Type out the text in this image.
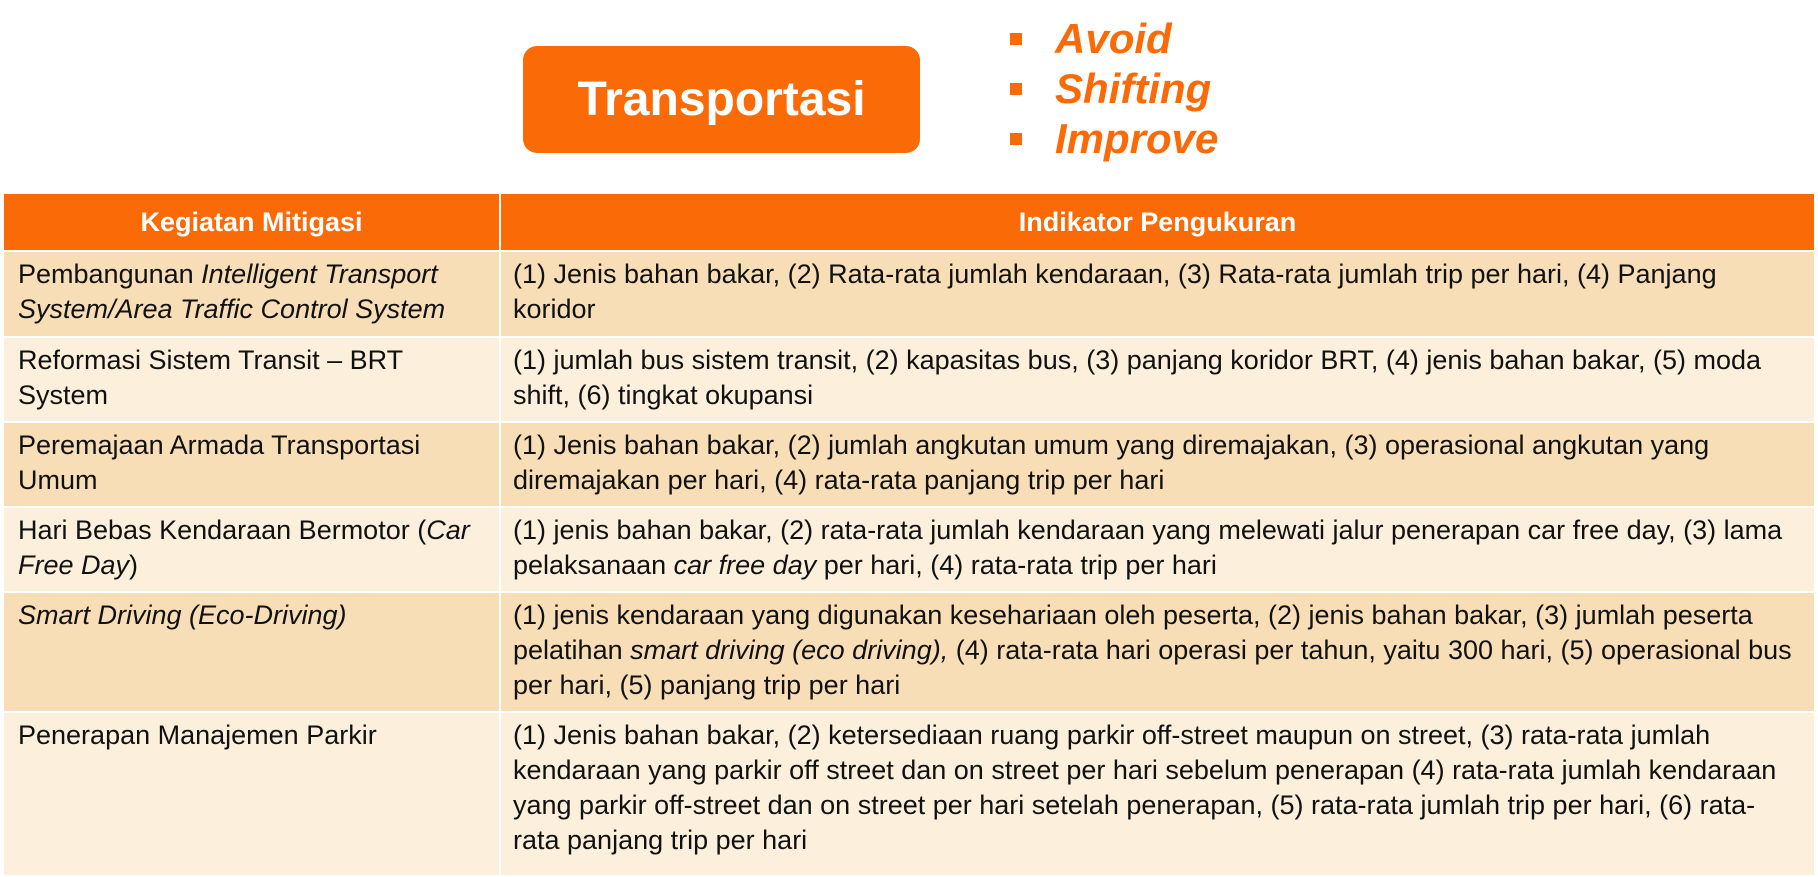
Transportasi
Avoid
Shifting
Improve
Kegiatan Mitigasi	Indikator Pengukuran
Pembangunan Intelligent Transport System/Area Traffic Control System	(1) Jenis bahan bakar, (2) Rata-rata jumlah kendaraan, (3) Rata-rata jumlah trip per hari, (4) Panjang koridor
Reformasi Sistem Transit – BRT System	(1) jumlah bus sistem transit, (2) kapasitas bus, (3) panjang koridor BRT, (4) jenis bahan bakar, (5) moda shift, (6) tingkat okupansi
Peremajaan Armada Transportasi Umum	(1) Jenis bahan bakar, (2) jumlah angkutan umum yang diremajakan, (3) operasional angkutan yang diremajakan per hari, (4) rata-rata panjang trip per hari
Hari Bebas Kendaraan Bermotor (Car Free Day)	(1) jenis bahan bakar, (2) rata-rata jumlah kendaraan yang melewati jalur penerapan car free day, (3) lama pelaksanaan car free day per hari, (4) rata-rata trip per hari
Smart Driving (Eco-Driving)	(1) jenis kendaraan yang digunakan kesehariaan oleh peserta, (2) jenis bahan bakar, (3) jumlah peserta pelatihan smart driving (eco driving), (4) rata-rata hari operasi per tahun, yaitu 300 hari, (5) operasional bus per hari, (5) panjang trip per hari
Penerapan Manajemen Parkir	(1) Jenis bahan bakar, (2) ketersediaan ruang parkir off-street maupun on street, (3) rata-rata jumlah kendaraan yang parkir off street dan on street per hari sebelum penerapan (4) rata-rata jumlah kendaraan yang parkir off-street dan on street per hari setelah penerapan, (5) rata-rata jumlah trip per hari, (6) rata-rata panjang trip per hari
